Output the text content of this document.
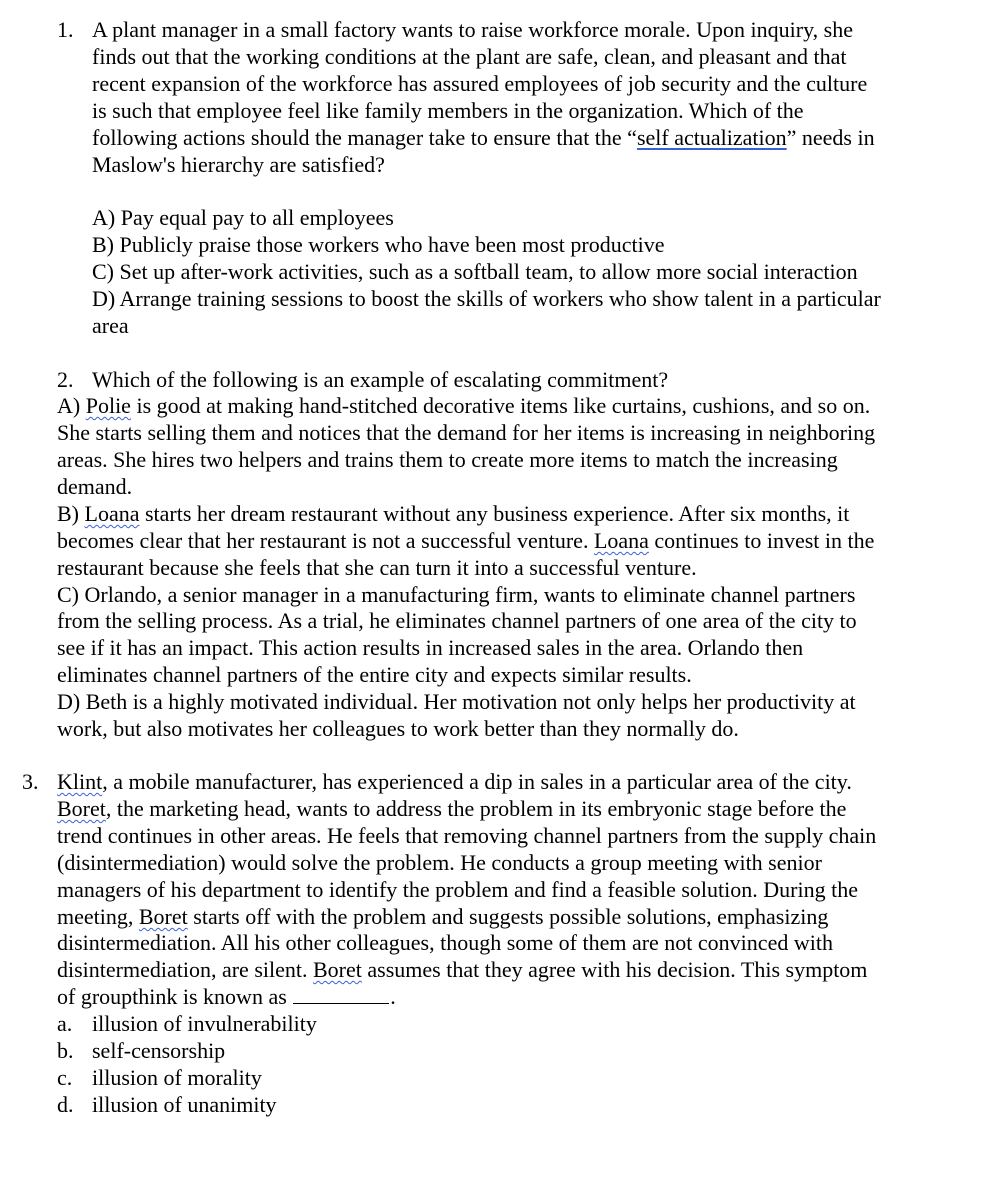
1. A plant manager in a small factory wants to raise workforce morale. Upon inquiry, she
finds out that the working conditions at the plant are safe, clean, and pleasant and that
recent expansion of the workforce has assured employees of job security and the culture
is such that employee feel like family members in the organization. Which of the
following actions should the manager take to ensure that the “self actualization” needs in
Maslow's hierarchy are satisfied?
A) Pay equal pay to all employees
B) Publicly praise those workers who have been most productive
C) Set up after-work activities, such as a softball team, to allow more social interaction
D) Arrange training sessions to boost the skills of workers who show talent in a particular
area
2. Which of the following is an example of escalating commitment?
A) Polie is good at making hand-stitched decorative items like curtains, cushions, and so on.
She starts selling them and notices that the demand for her items is increasing in neighboring
areas. She hires two helpers and trains them to create more items to match the increasing
demand.
B) Loana starts her dream restaurant without any business experience. After six months, it
becomes clear that her restaurant is not a successful venture. Loana continues to invest in the
restaurant because she feels that she can turn it into a successful venture.
C) Orlando, a senior manager in a manufacturing firm, wants to eliminate channel partners
from the selling process. As a trial, he eliminates channel partners of one area of the city to
see if it has an impact. This action results in increased sales in the area. Orlando then
eliminates channel partners of the entire city and expects similar results.
D) Beth is a highly motivated individual. Her motivation not only helps her productivity at
work, but also motivates her colleagues to work better than they normally do.
3. Klint, a mobile manufacturer, has experienced a dip in sales in a particular area of the city.
Boret, the marketing head, wants to address the problem in its embryonic stage before the
trend continues in other areas. He feels that removing channel partners from the supply chain
(disintermediation) would solve the problem. He conducts a group meeting with senior
managers of his department to identify the problem and find a feasible solution. During the
meeting, Boret starts off with the problem and suggests possible solutions, emphasizing
disintermediation. All his other colleagues, though some of them are not convinced with
disintermediation, are silent. Boret assumes that they agree with his decision. This symptom
of groupthink is known as	.
a. illusion of invulnerability
b. self-censorship
c. illusion of morality
d. illusion of unanimity
